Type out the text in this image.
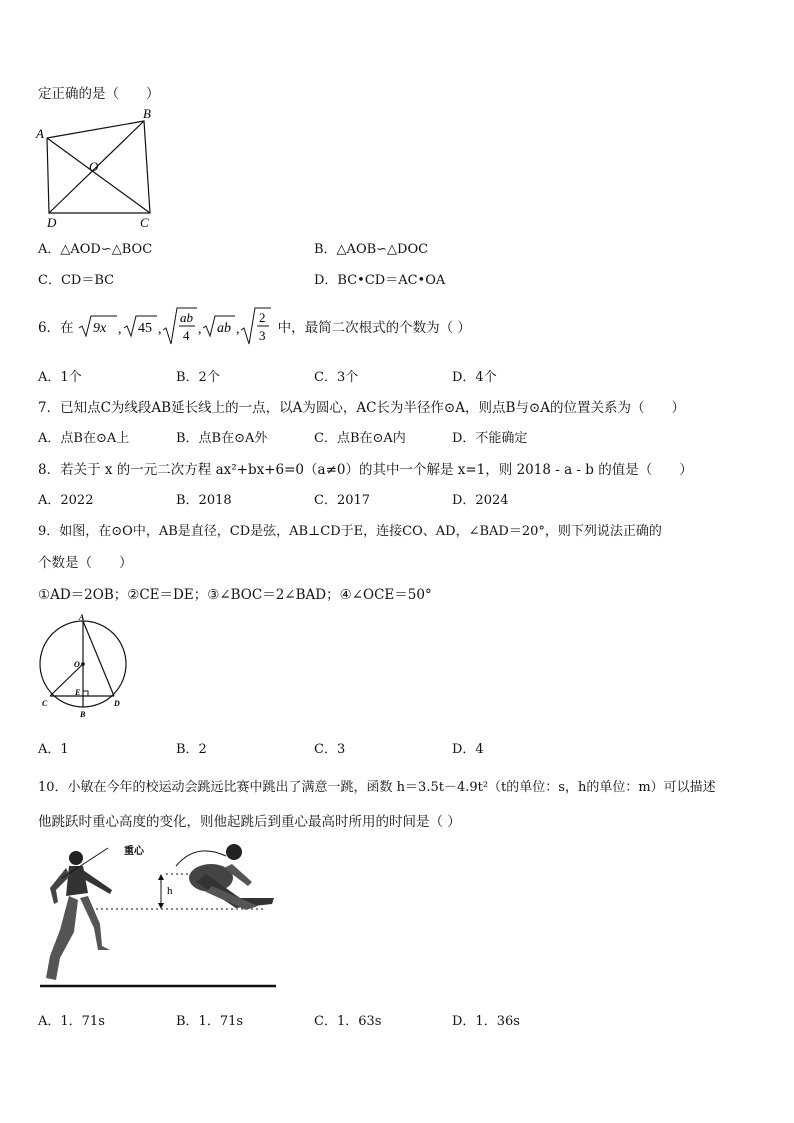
定正确的是（　　）
A
B
C
D
O
A．△AOD∽△BOC	B．△AOB∽△DOC
C．CD＝BC	D．BC•CD＝AC•OA
6．在 9x , 45 ,
ab
4 , ab ,
2
3 中，最简二次根式的个数为（ ）
A．1个	B．2个	C．3个	D．4个
7．已知点C为线段AB延长线上的一点，以A为圆心，AC长为半径作⊙A，则点B与⊙A的位置关系为（　　）
A．点B在⊙A上	B．点B在⊙A外	C．点B在⊙A内	D．不能确定
8．若关于 x 的一元二次方程 ax²+bx+6=0（a≠0）的其中一个解是 x=1，则 2018 - a - b 的值是（　　）
A．2022	B．2018	C．2017	D．2024
9．如图，在⊙O中，AB是直径，CD是弦，AB⊥CD于E，连接CO、AD，∠BAD＝20°，则下列说法正确的
个数是（　　）
①AD＝2OB；②CE＝DE；③∠BOC＝2∠BAD；④∠OCE＝50°
A
O
E
C
B
D
A．1	B．2	C．3	D．4
10．小敏在今年的校运动会跳远比赛中跳出了满意一跳，函数 h＝3.5t－4.9t²（t的单位：s，h的单位：m）可以描述
他跳跃时重心高度的变化，则他起跳后到重心最高时所用的时间是（ ）
h
重心
A．1．71s	B．1．71s	C．1．63s	D．1．36s
